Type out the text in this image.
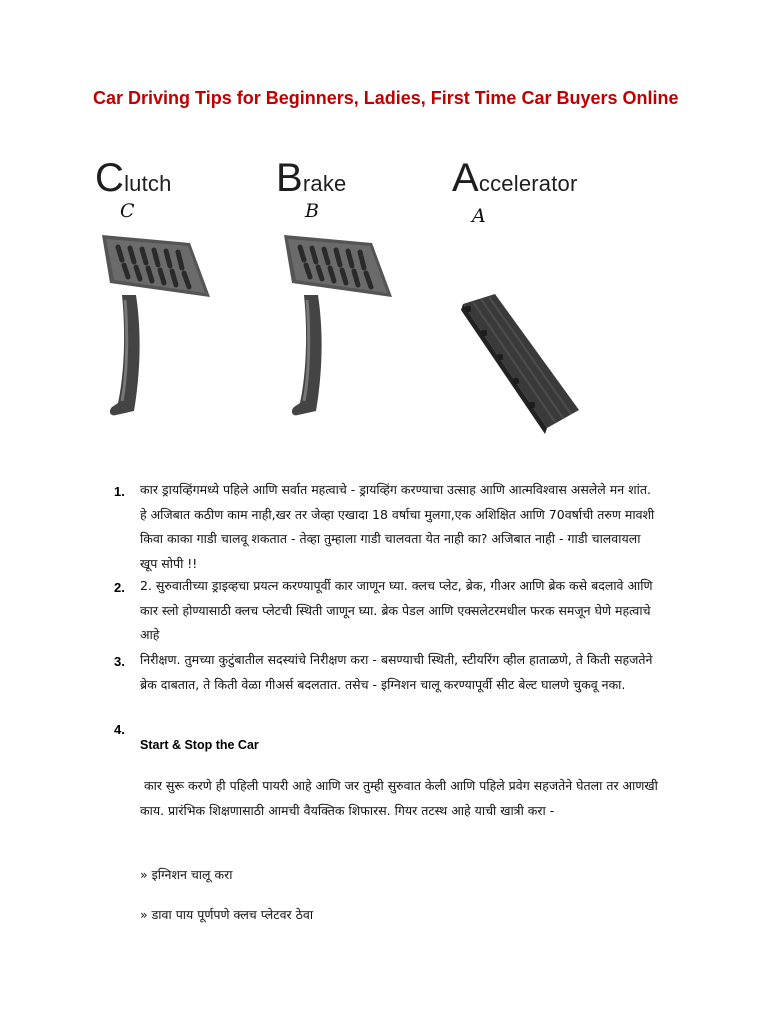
Car Driving Tips for Beginners, Ladies, First Time Car Buyers Online
Clutch
C
Brake
B
Accelerator
A
1. कार ड्रायव्हिंगमध्ये पहिले आणि सर्वात महत्वाचे - ड्रायव्हिंग करण्याचा उत्साह आणि आत्मविश्वास असलेले मन शांत. हे अजिबात कठीण काम नाही,खर तर जेव्हा एखादा 18 वर्षाचा मुलगा,एक अशिक्षित आणि 70वर्षाची तरुण मावशी किवा काका गाडी चालवू शकतात - तेव्हा तुम्हाला गाडी चालवता येत नाही का? अजिबात नाही - गाडी चालवायला खूप सोपी !!
2. 2. सुरुवातीच्या ड्राइव्हचा प्रयत्न करण्यापूर्वी कार जाणून घ्या. क्लच प्लेट, ब्रेक, गीअर आणि ब्रेक कसे बदलावे आणि कार स्लो होण्यासाठी क्लच प्लेटची स्थिती जाणून घ्या. ब्रेक पेडल आणि एक्सलेटरमधील फरक समजून घेणे महत्वाचे आहे
3. निरीक्षण. तुमच्या कुटुंबातील सदस्यांचे निरीक्षण करा - बसण्याची स्थिती, स्टीयरिंग व्हील हाताळणे, ते किती सहजतेने ब्रेक दाबतात, ते किती वेळा गीअर्स बदलतात. तसेच - इग्निशन चालू करण्यापूर्वी सीट बेल्ट घालणे चुकवू नका.
4.
Start & Stop the Car
कार सुरू करणे ही पहिली पायरी आहे आणि जर तुम्ही सुरुवात केली आणि पहिले प्रवेग सहजतेने घेतला तर आणखी काय. प्रारंभिक शिक्षणासाठी आमची वैयक्तिक शिफारस. गियर तटस्थ आहे याची खात्री करा -
» इग्निशन चालू करा
» डावा पाय पूर्णपणे क्लच प्लेटवर ठेवा
